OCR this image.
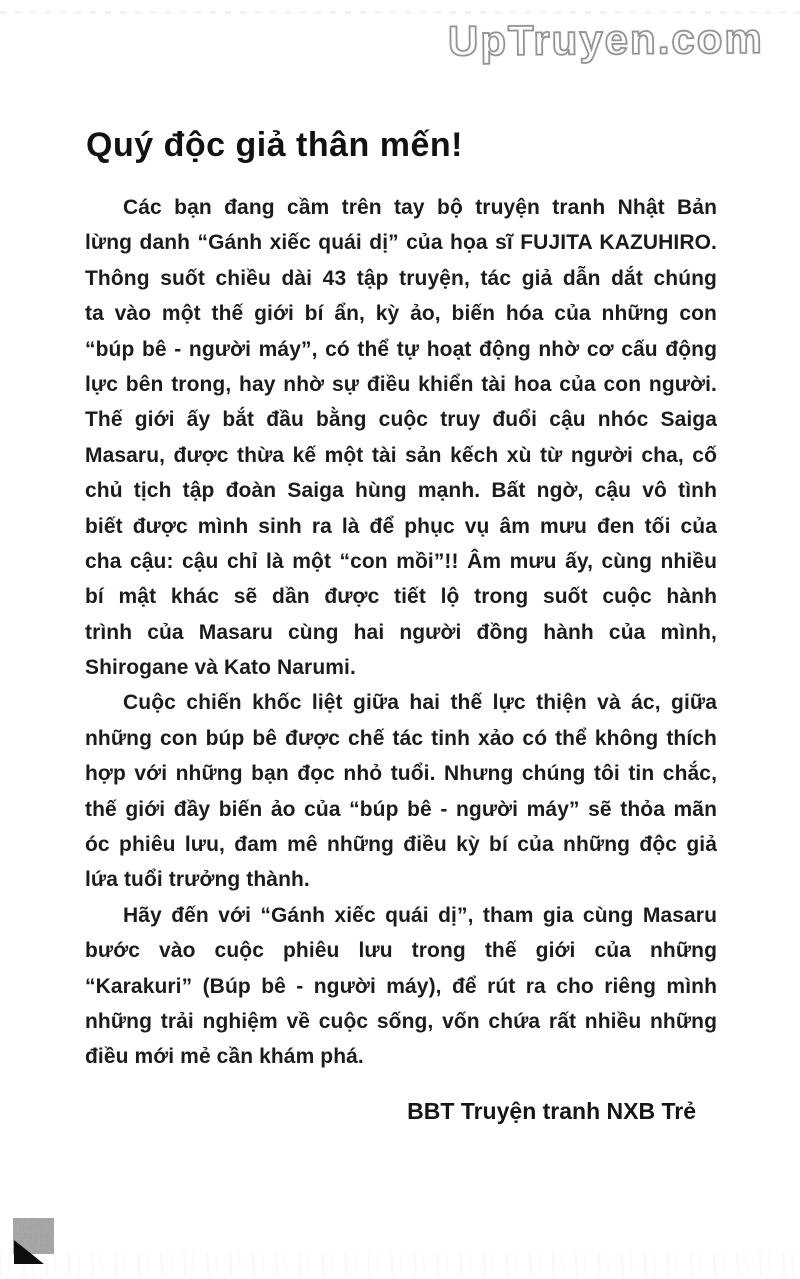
UpTruyen.com
Quý độc giả thân mến!
Các bạn đang cầm trên tay bộ truyện tranh Nhật Bản
lừng danh “Gánh xiếc quái dị” của họa sĩ FUJITA KAZUHIRO.
Thông suốt chiều dài 43 tập truyện, tác giả dẫn dắt chúng
ta vào một thế giới bí ẩn, kỳ ảo, biến hóa của những con
“búp bê - người máy”, có thể tự hoạt động nhờ cơ cấu động
lực bên trong, hay nhờ sự điều khiển tài hoa của con người.
Thế giới ấy bắt đầu bằng cuộc truy đuổi cậu nhóc Saiga
Masaru, được thừa kế một tài sản kếch xù từ người cha, cố
chủ tịch tập đoàn Saiga hùng mạnh. Bất ngờ, cậu vô tình
biết được mình sinh ra là để phục vụ âm mưu đen tối của
cha cậu: cậu chỉ là một “con mồi”!! Âm mưu ấy, cùng nhiều
bí mật khác sẽ dần được tiết lộ trong suốt cuộc hành
trình của Masaru cùng hai người đồng hành của mình,
Shirogane và Kato Narumi.
Cuộc chiến khốc liệt giữa hai thế lực thiện và ác, giữa
những con búp bê được chế tác tinh xảo có thể không thích
hợp với những bạn đọc nhỏ tuổi. Nhưng chúng tôi tin chắc,
thế giới đầy biến ảo của “búp bê - người máy” sẽ thỏa mãn
óc phiêu lưu, đam mê những điều kỳ bí của những độc giả
lứa tuổi trưởng thành.
Hãy đến với “Gánh xiếc quái dị”, tham gia cùng Masaru
bước vào cuộc phiêu lưu trong thế giới của những
“Karakuri” (Búp bê - người máy), để rút ra cho riêng mình
những trải nghiệm về cuộc sống, vốn chứa rất nhiều những
điều mới mẻ cần khám phá.
BBT Truyện tranh NXB Trẻ
